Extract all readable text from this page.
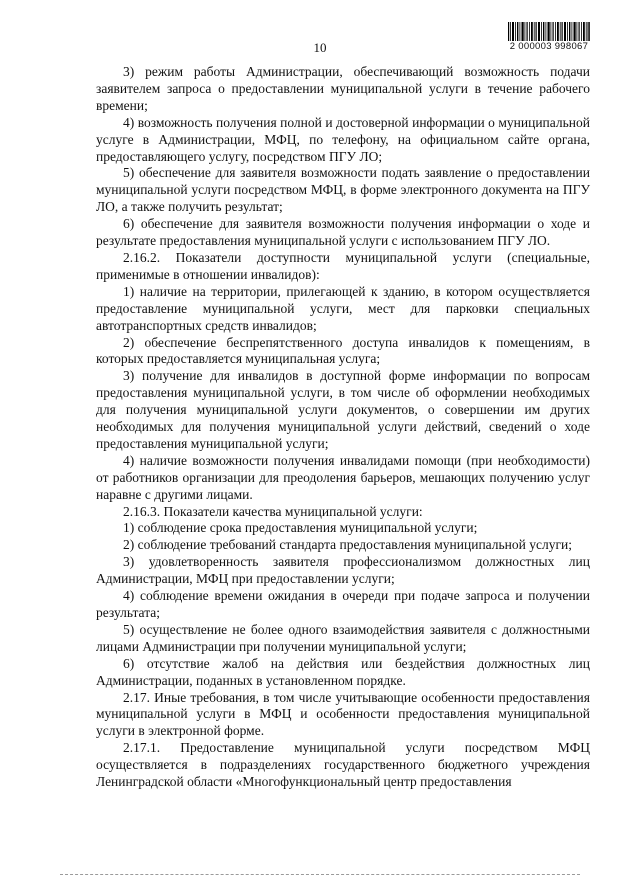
10	2 000003 998067

3) режим работы Администрации, обеспечивающий возможность подачи заявителем запроса о предоставлении муниципальной услуги в течение рабочего времени;

4) возможность получения полной и достоверной информации о муниципальной услуге в Администрации, МФЦ, по телефону, на официальном сайте органа, предоставляющего услугу, посредством ПГУ ЛО;

5) обеспечение для заявителя возможности подать заявление о предоставлении муниципальной услуги посредством МФЦ, в форме электронного документа на ПГУ ЛО, а также получить результат;

6) обеспечение для заявителя возможности получения информации о ходе и результате предоставления муниципальной услуги с использованием ПГУ ЛО.

2.16.2. Показатели доступности муниципальной услуги (специальные, применимые в отношении инвалидов):

1) наличие на территории, прилегающей к зданию, в котором осуществляется предоставление муниципальной услуги, мест для парковки специальных автотранспортных средств инвалидов;

2) обеспечение беспрепятственного доступа инвалидов к помещениям, в которых предоставляется муниципальная услуга;

3) получение для инвалидов в доступной форме информации по вопросам предоставления муниципальной услуги, в том числе об оформлении необходимых для получения муниципальной услуги документов, о совершении им других необходимых для получения муниципальной услуги действий, сведений о ходе предоставления муниципальной услуги;

4) наличие возможности получения инвалидами помощи (при необходимости) от работников организации для преодоления барьеров, мешающих получению услуг наравне с другими лицами.

2.16.3. Показатели качества муниципальной услуги:

1) соблюдение срока предоставления муниципальной услуги;

2) соблюдение требований стандарта предоставления муниципальной услуги;

3) удовлетворенность заявителя профессионализмом должностных лиц Администрации, МФЦ при предоставлении услуги;

4) соблюдение времени ожидания в очереди при подаче запроса и получении результата;

5) осуществление не более одного взаимодействия заявителя с должностными лицами Администрации при получении муниципальной услуги;

6) отсутствие жалоб на действия или бездействия должностных лиц Администрации, поданных в установленном порядке.

2.17. Иные требования, в том числе учитывающие особенности предоставления муниципальной услуги в МФЦ и особенности предоставления муниципальной услуги в электронной форме.

2.17.1. Предоставление муниципальной услуги посредством МФЦ осуществляется в подразделениях государственного бюджетного учреждения Ленинградской области «Многофункциональный центр предоставления
